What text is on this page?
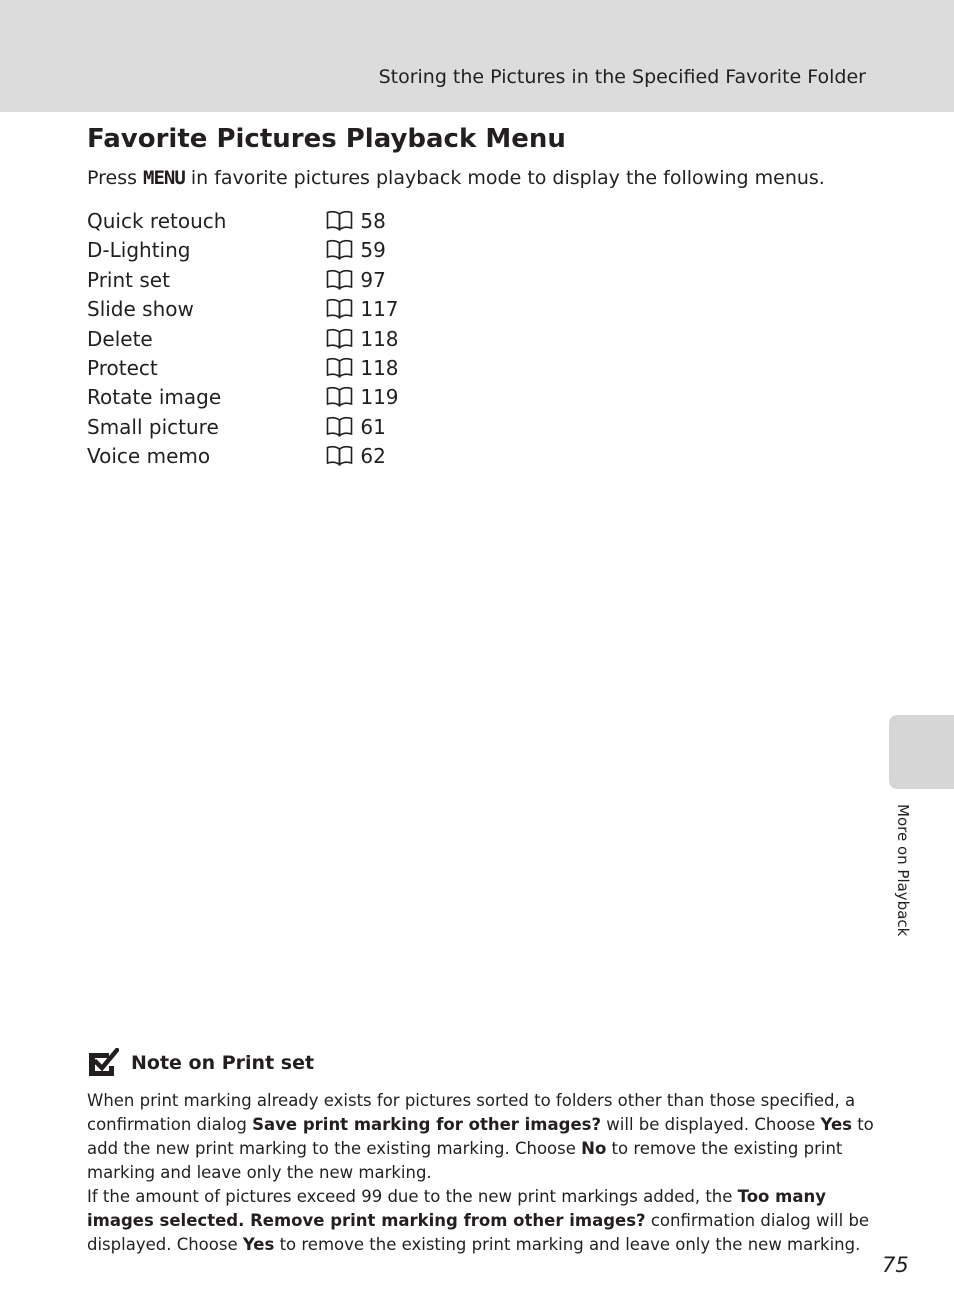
Storing the Pictures in the Specified Favorite Folder
Favorite Pictures Playback Menu
Press MENU in favorite pictures playback mode to display the following menus.
Quick retouch	58
D-Lighting	59
Print set	97
Slide show	117
Delete	118
Protect	118
Rotate image	119
Small picture	61
Voice memo	62
More on Playback
Note on Print set

When print marking already exists for pictures sorted to folders other than those specified, a confirmation dialog Save print marking for other images? will be displayed. Choose Yes to add the new print marking to the existing marking. Choose No to remove the existing print marking and leave only the new marking.

If the amount of pictures exceed 99 due to the new print markings added, the Too many images selected. Remove print marking from other images? confirmation dialog will be displayed. Choose Yes to remove the existing print marking and leave only the new marking.

75
